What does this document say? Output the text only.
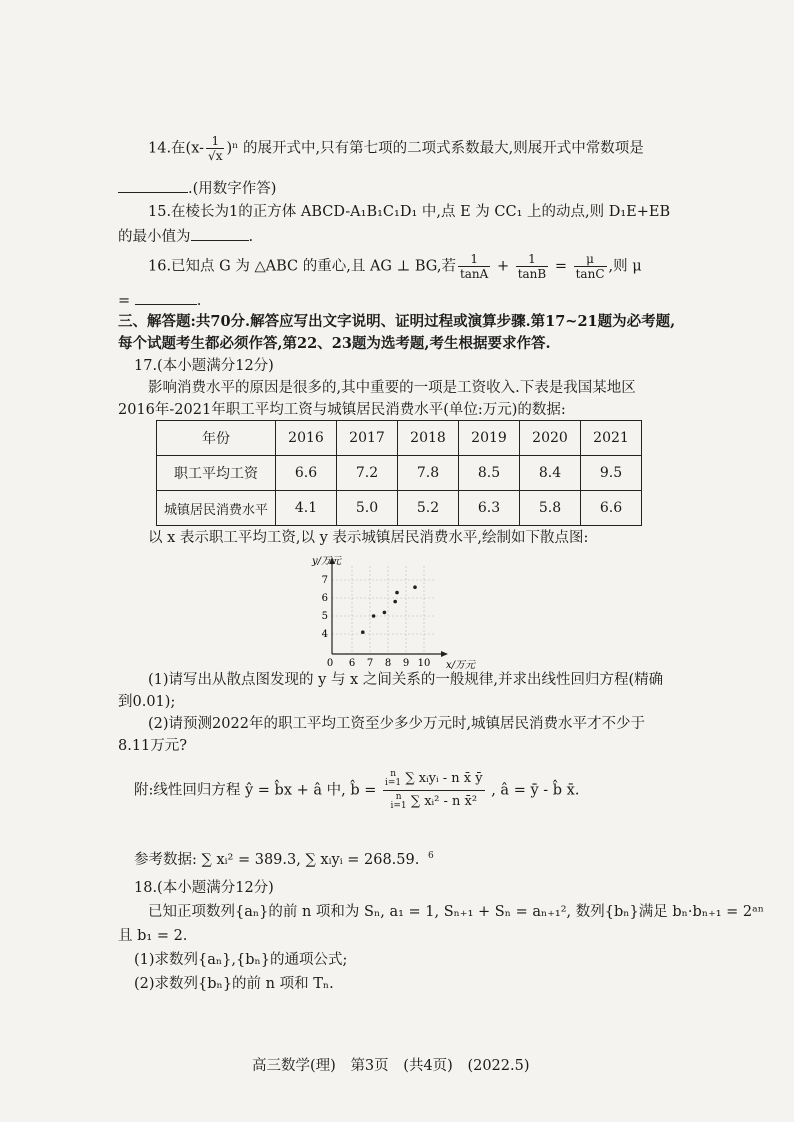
14.在$(x- \frac{1}{√x} )^n$ 的展开式中,只有第七项的二项式系数最大,则展开式中常数项是
.(用数字作答)
15.在棱长为1的正方体 ABCD-A₁B₁C₁D₁ 中,点 E 为 CC₁ 上的动点,则 D₁E+EB
的最小值为	.
16.已知点 G 为 △ABC 的重心,且 AG ⊥ BG,若 $\frac{1}{\tan A} + \frac{1}{\tan B} = \frac{\mu}{\tan C}$ ,则 μ
=	.
三、解答题:共70分.解答应写出文字说明、证明过程或演算步骤.第17~21题为必考题,
每个试题考生都必须作答,第22、23题为选考题,考生根据要求作答.
17.(本小题满分12分)
影响消费水平的原因是很多的,其中重要的一项是工资收入.下表是我国某地区
2016年-2021年职工平均工资与城镇居民消费水平(单位:万元)的数据:
年份	2016	2017	2018	2019	2020	2021
职工平均工资	6.6	7.2	7.8	8.5	8.4	9.5
城镇居民消费水平	4.1	5.0	5.2	6.3	5.8	6.6
以 x 表示职工平均工资,以 y 表示城镇居民消费水平,绘制如下散点图:
y/万元
x/万元
0 6 7 8 9 10
4
5
6
7
(1)请写出从散点图发现的 y 与 x 之间关系的一般规律,并求出线性回归方程(精确
到0.01);
(2)请预测2022年的职工平均工资至少多少万元时,城镇居民消费水平才不少于
8.11万元?
附:线性回归方程 ŷ = b̂x + â 中, b̂ = n
i=1 ∑ xᵢyᵢ - n x̄ ȳ
n
i=1 ∑ xᵢ² - n x̄² , â = ȳ - b̂ x̄.
参考数据: ∑ xᵢ² = 389.3, ∑ xᵢyᵢ = 268.59. $^6$
18.(本小题满分12分)
已知正项数列{aₙ}的前 n 项和为 Sₙ, a₁ = 1, Sₙ₊₁ + Sₙ = aₙ₊₁², 数列{bₙ}满足 bₙ·bₙ₊₁ = 2ᵃⁿ
且 b₁ = 2.
(1)求数列{aₙ},{bₙ}的通项公式;
(2)求数列{bₙ}的前 n 项和 Tₙ.
高三数学(理) 第3页 (共4页) (2022.5)
